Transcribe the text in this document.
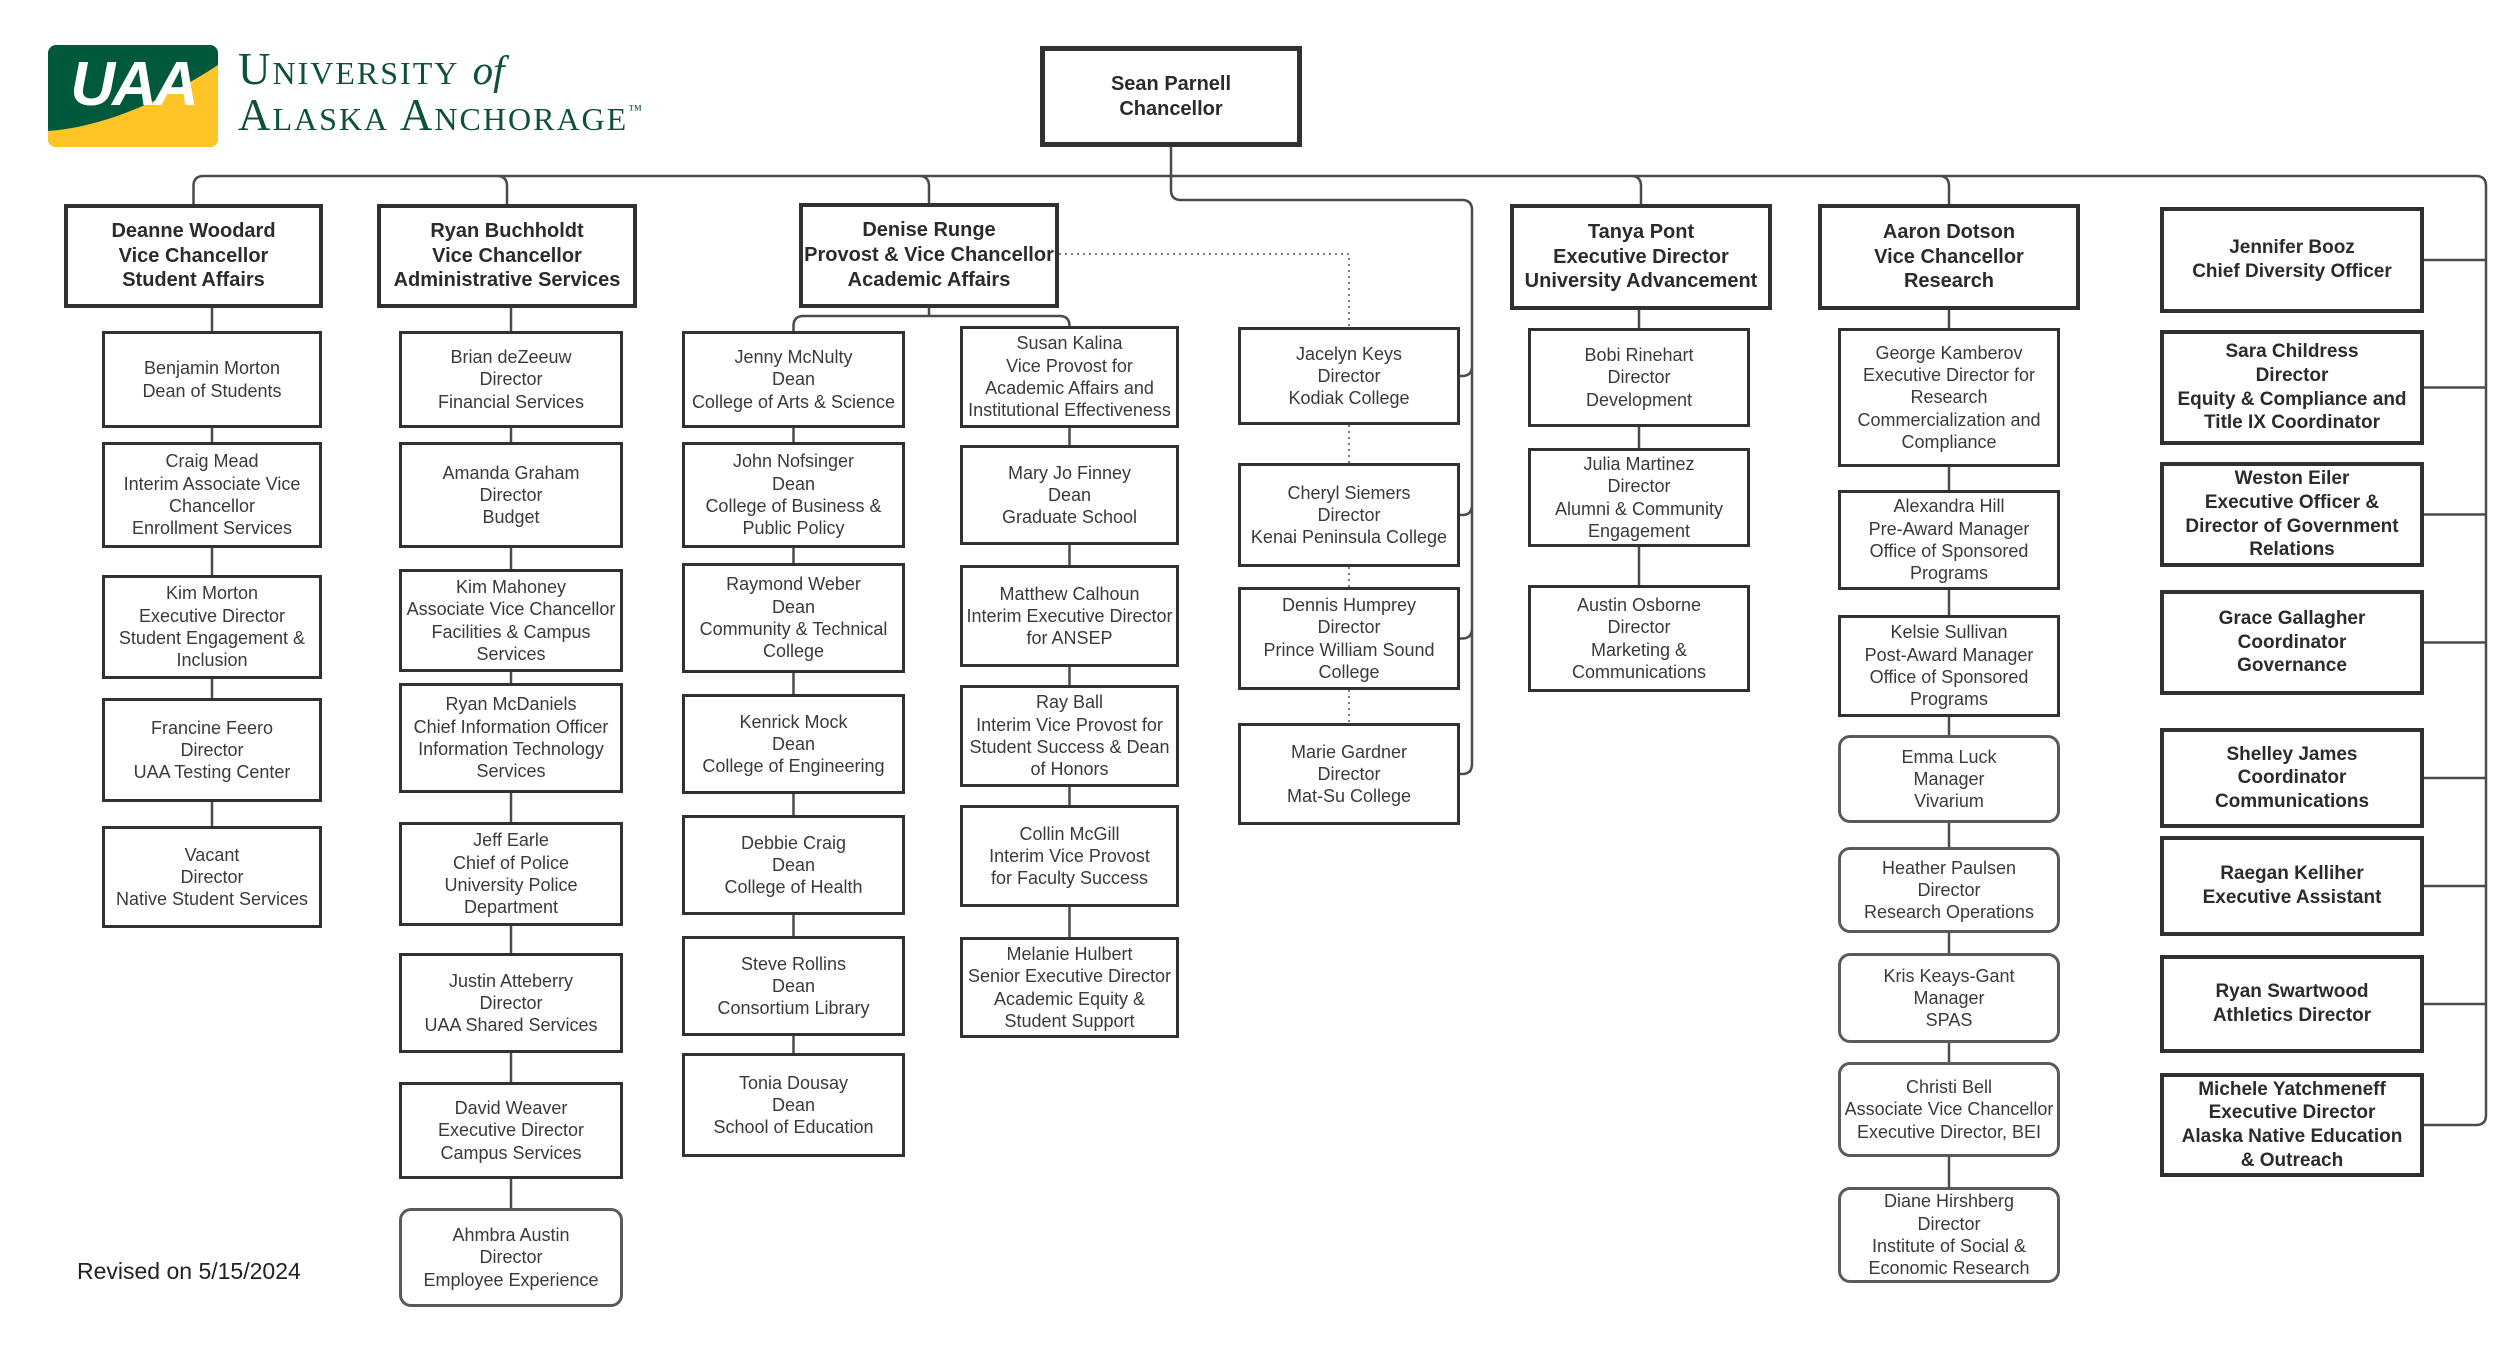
UAA University of
Alaska Anchorage™
Sean Parnell
Chancellor
Deanne Woodard
Vice Chancellor
Student Affairs
Benjamin Morton
Dean of Students
Craig Mead
Interim Associate Vice
Chancellor
Enrollment Services
Kim Morton
Executive Director
Student Engagement &
Inclusion
Francine Feero
Director
UAA Testing Center
Vacant
Director
Native Student Services
Ryan Buchholdt
Vice Chancellor
Administrative Services
Brian deZeeuw
Director
Financial Services
Amanda Graham
Director
Budget
Kim Mahoney
Associate Vice Chancellor
Facilities & Campus
Services
Ryan McDaniels
Chief Information Officer
Information Technology
Services
Jeff Earle
Chief of Police
University Police
Department
Justin Atteberry
Director
UAA Shared Services
David Weaver
Executive Director
Campus Services
Ahmbra Austin
Director
Employee Experience
Denise Runge
Provost & Vice Chancellor
Academic Affairs
Jenny McNulty
Dean
College of Arts & Science
John Nofsinger
Dean
College of Business &
Public Policy
Raymond Weber
Dean
Community & Technical
College
Kenrick Mock
Dean
College of Engineering
Debbie Craig
Dean
College of Health
Steve Rollins
Dean
Consortium Library
Tonia Dousay
Dean
School of Education
Susan Kalina
Vice Provost for
Academic Affairs and
Institutional Effectiveness
Mary Jo Finney
Dean
Graduate School
Matthew Calhoun
Interim Executive Director
for ANSEP
Ray Ball
Interim Vice Provost for
Student Success & Dean
of Honors
Collin McGill
Interim Vice Provost
for Faculty Success
Melanie Hulbert
Senior Executive Director
Academic Equity &
Student Support
Jacelyn Keys
Director
Kodiak College
Cheryl Siemers
Director
Kenai Peninsula College
Dennis Humprey
Director
Prince William Sound
College
Marie Gardner
Director
Mat-Su College
Tanya Pont
Executive Director
University Advancement
Bobi Rinehart
Director
Development
Julia Martinez
Director
Alumni & Community
Engagement
Austin Osborne
Director
Marketing &
Communications
Aaron Dotson
Vice Chancellor
Research
George Kamberov
Executive Director for
Research
Commercialization and
Compliance
Alexandra Hill
Pre-Award Manager
Office of Sponsored
Programs
Kelsie Sullivan
Post-Award Manager
Office of Sponsored
Programs
Emma Luck
Manager
Vivarium
Heather Paulsen
Director
Research Operations
Kris Keays-Gant
Manager
SPAS
Christi Bell
Associate Vice Chancellor
Executive Director, BEI
Diane Hirshberg
Director
Institute of Social &
Economic Research
Jennifer Booz
Chief Diversity Officer
Sara Childress
Director
Equity & Compliance and
Title IX Coordinator
Weston Eiler
Executive Officer &
Director of Government
Relations
Grace Gallagher
Coordinator
Governance
Shelley James
Coordinator
Communications
Raegan Kelliher
Executive Assistant
Ryan Swartwood
Athletics Director
Michele Yatchmeneff
Executive Director
Alaska Native Education
& Outreach
Revised on 5/15/2024
